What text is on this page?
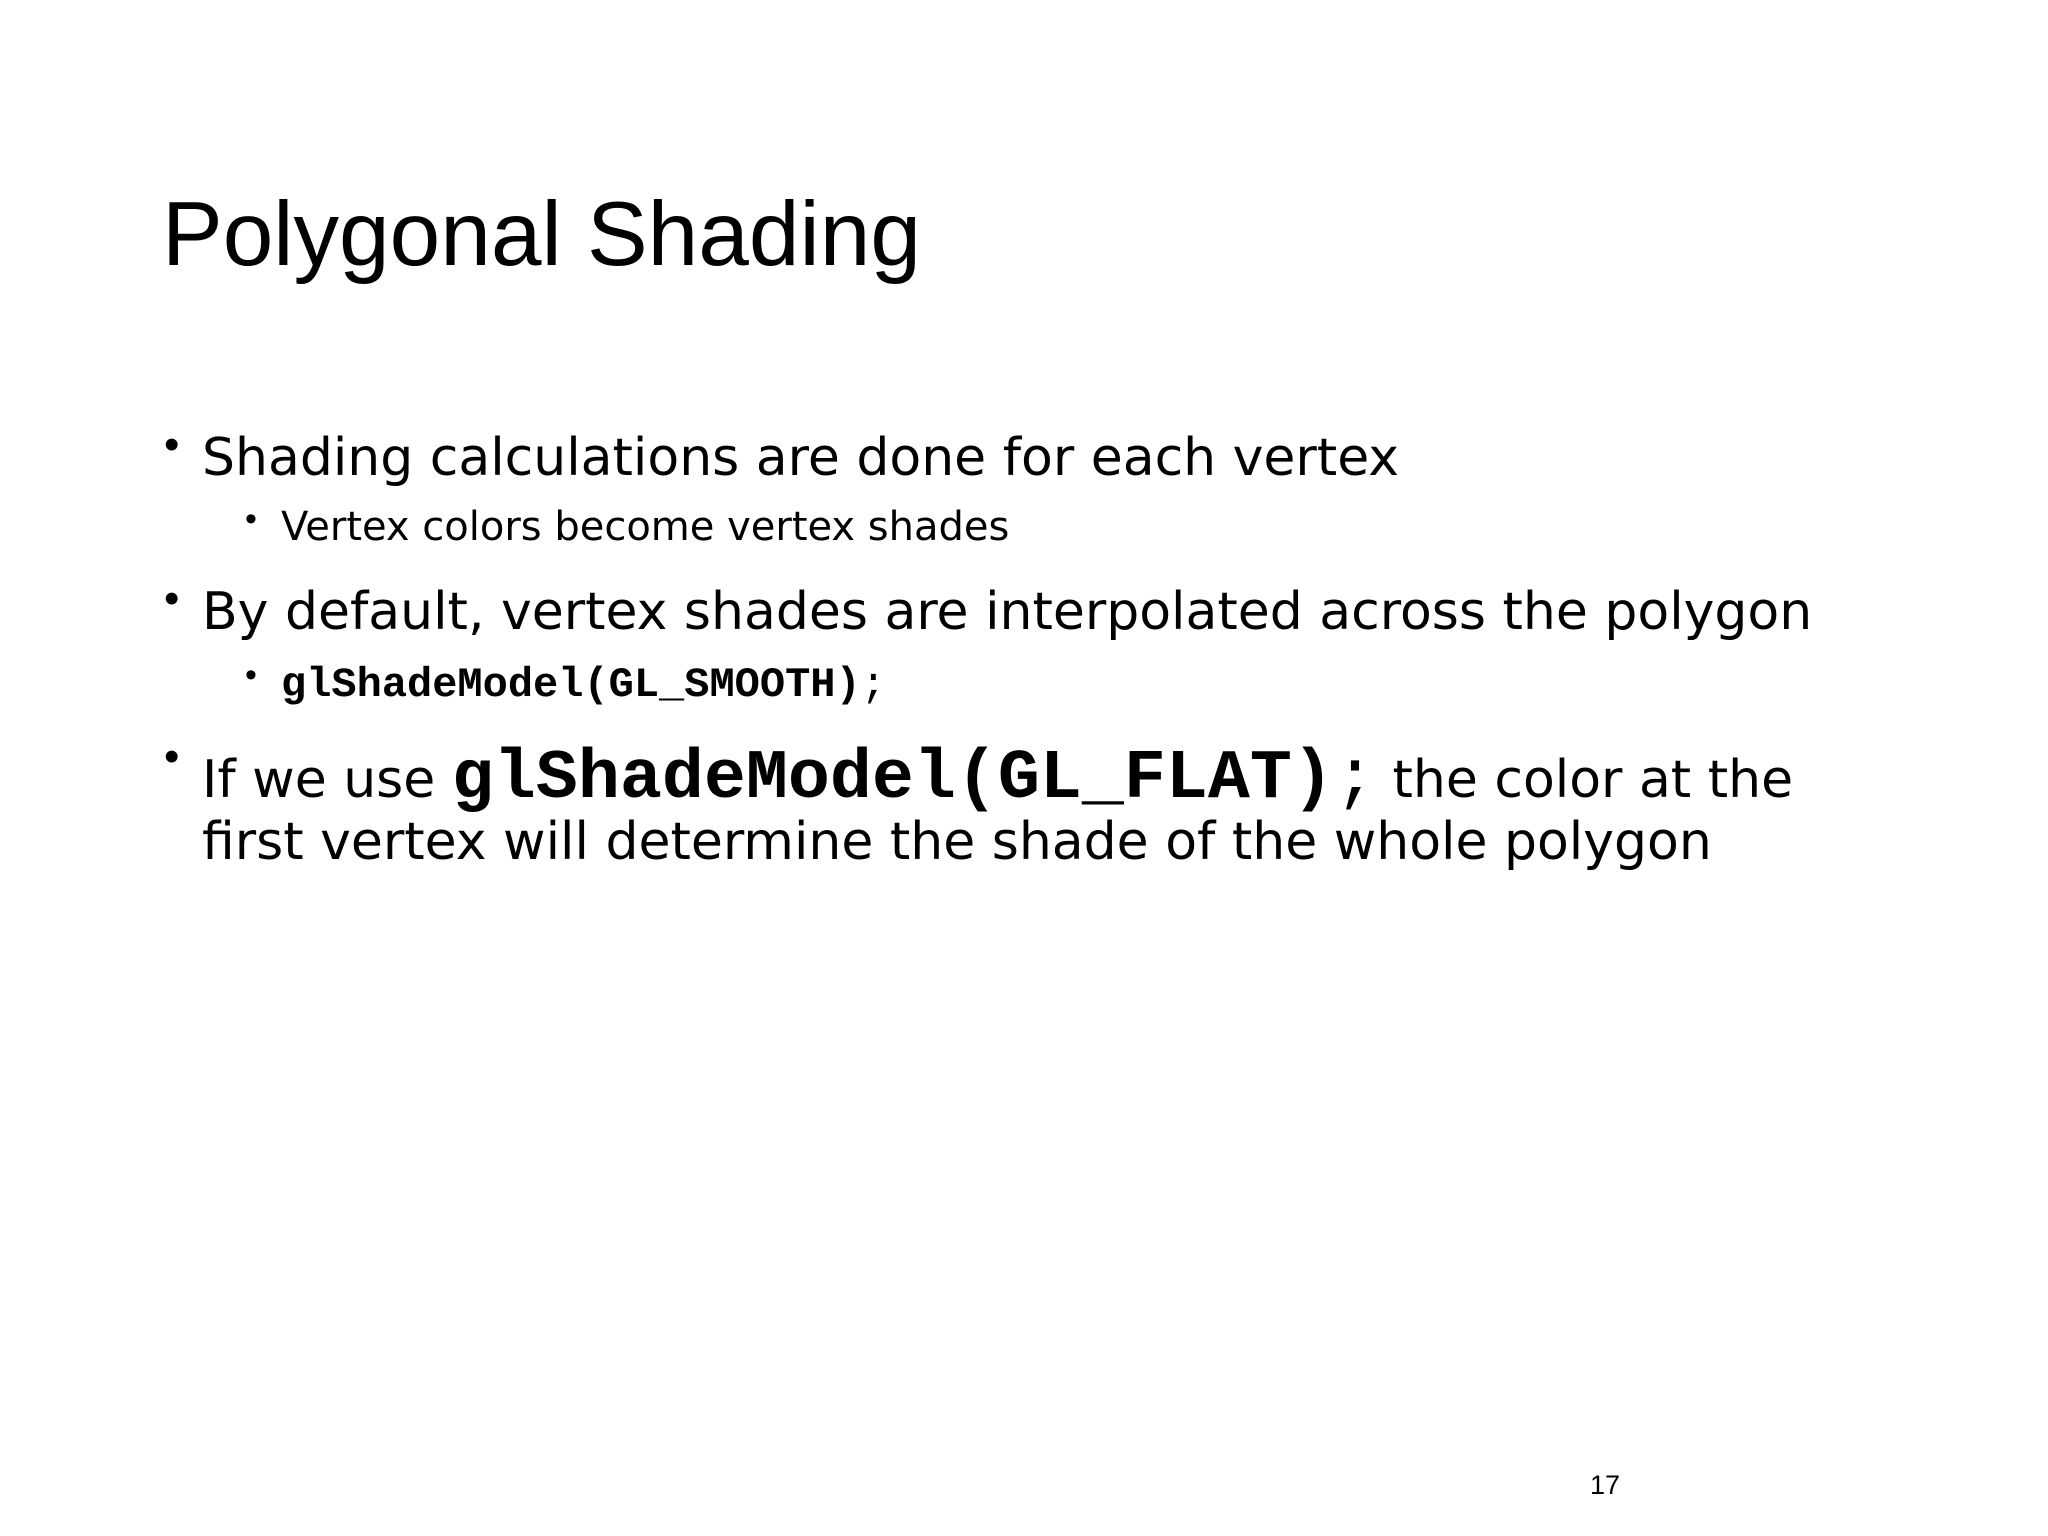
Polygonal Shading
• Shading calculations are done for each vertex
• Vertex colors become vertex shades
• By default, vertex shades are interpolated across the polygon
• glShadeModel(GL_SMOOTH);
• If we use glShadeModel(GL_FLAT); the color at the
first vertex will determine the shade of the whole polygon
17
